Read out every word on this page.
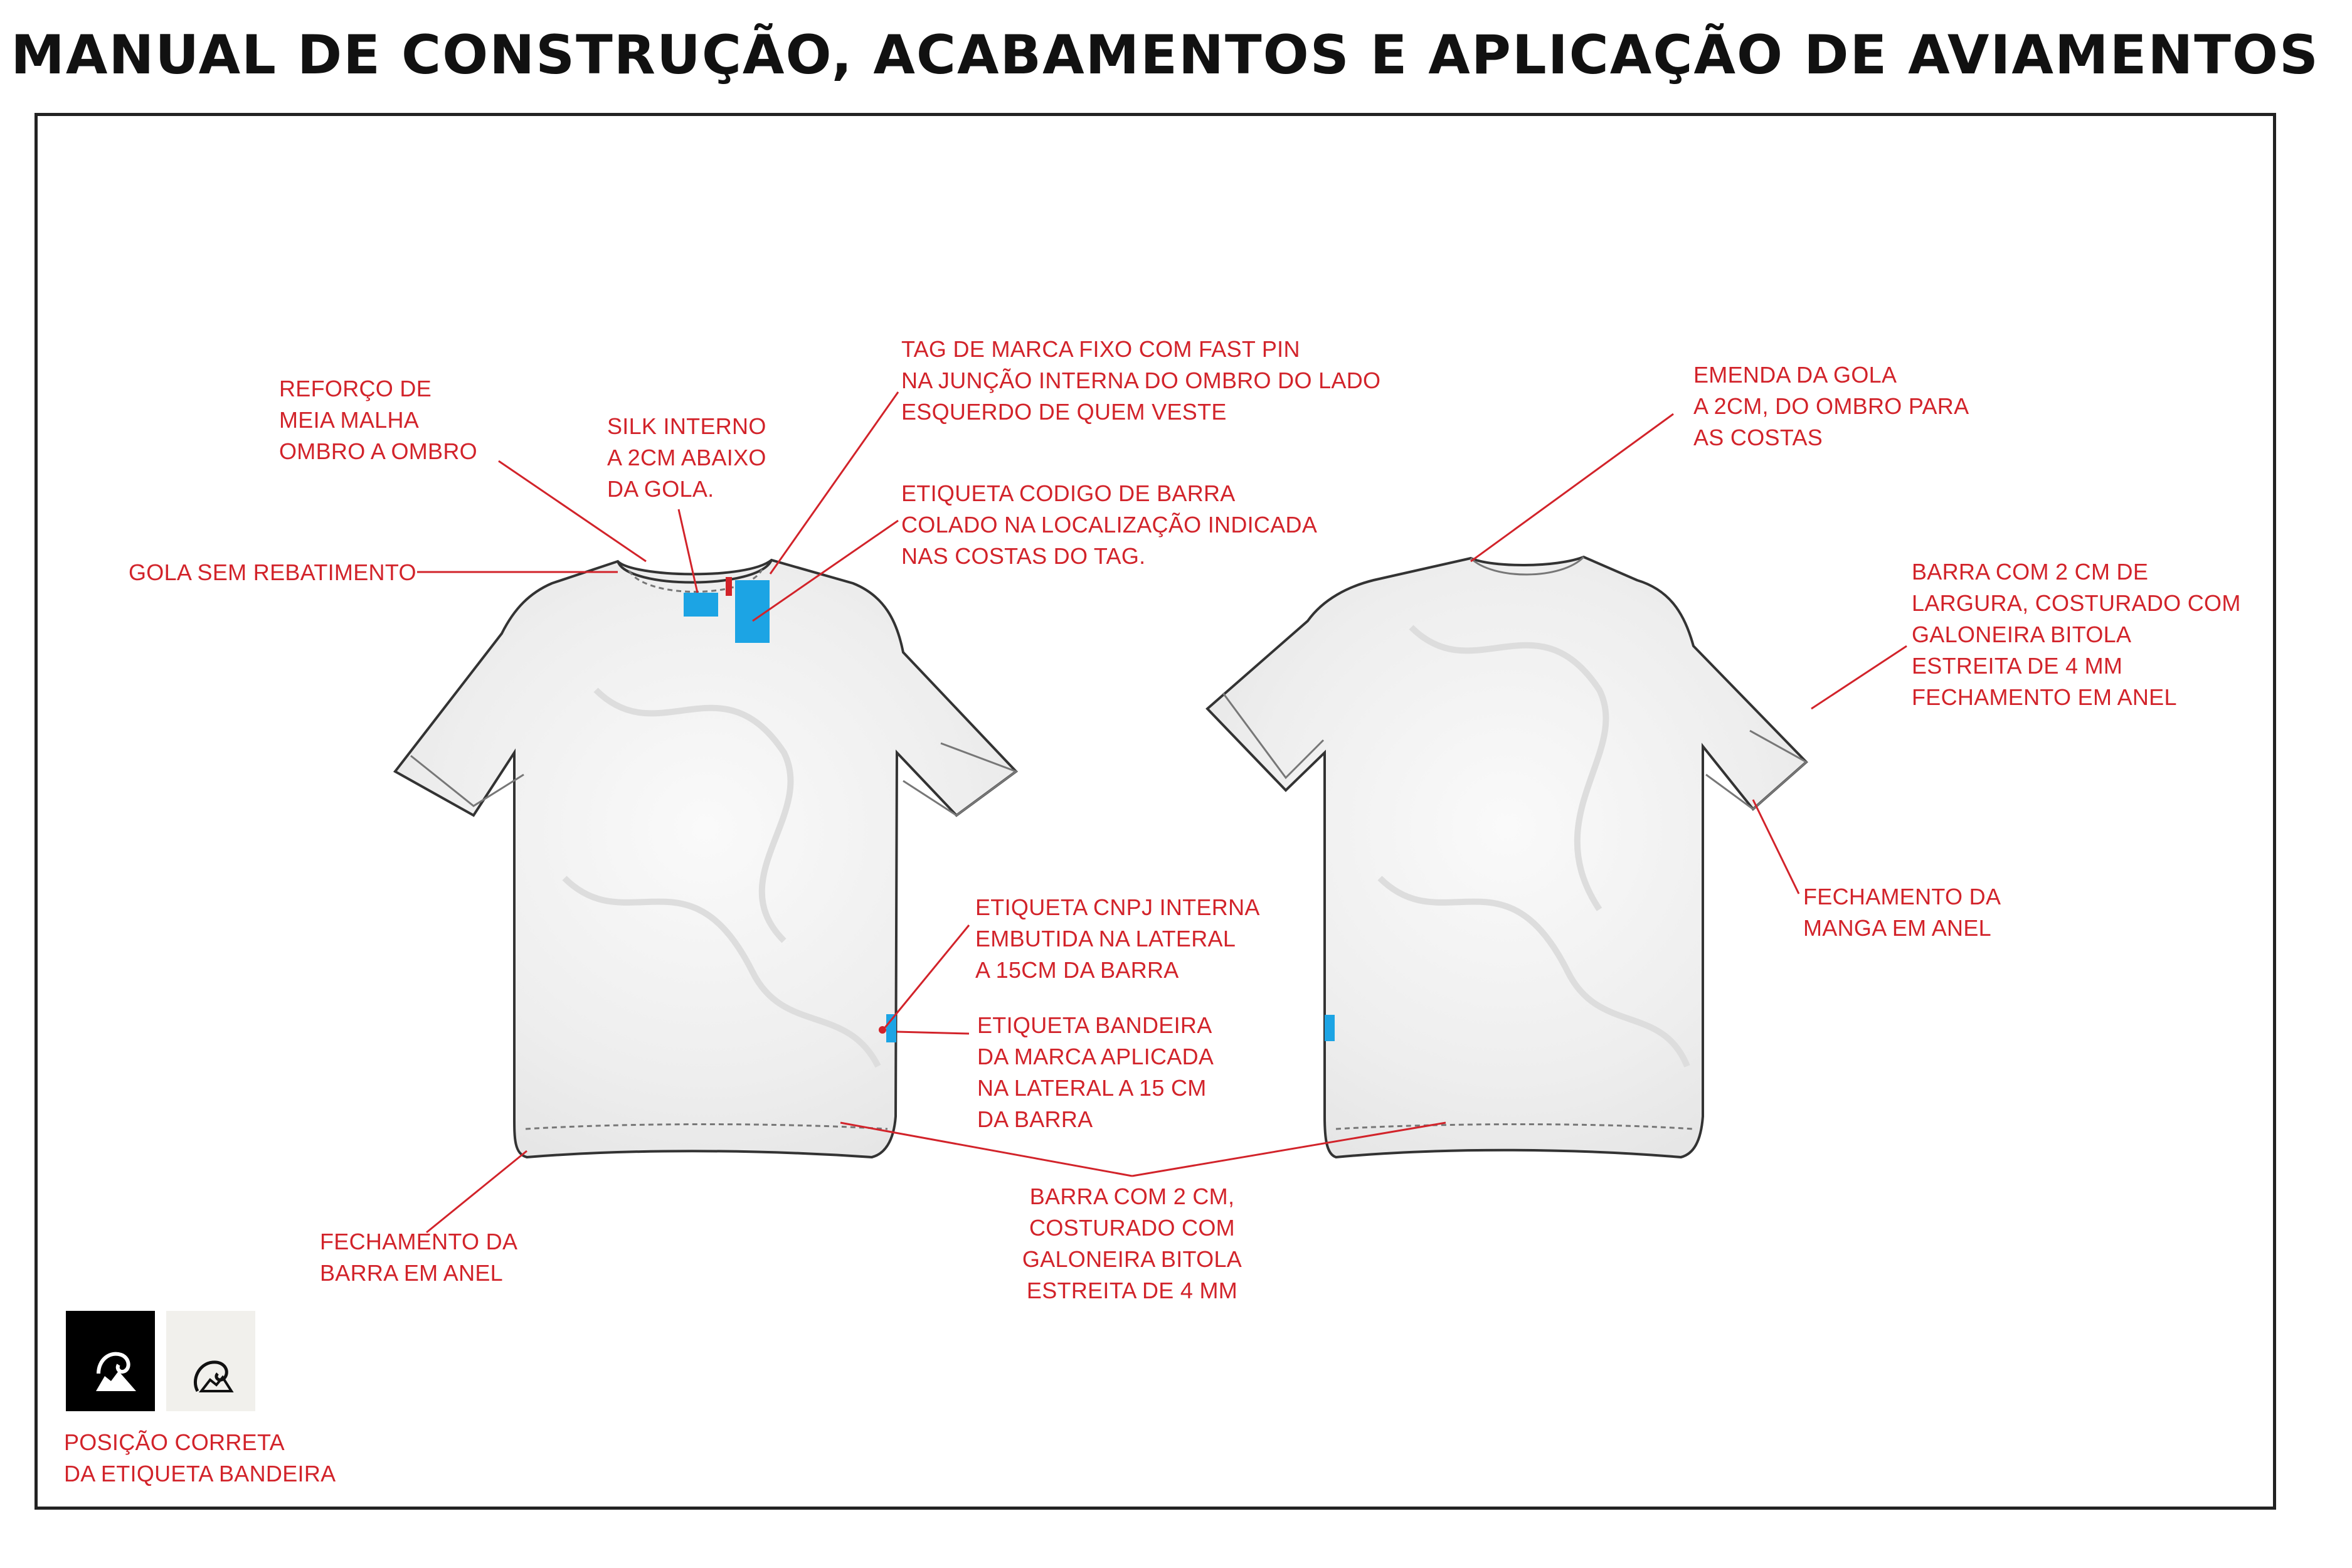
MANUAL DE CONSTRUÇÃO, ACABAMENTOS E APLICAÇÃO DE AVIAMENTOS
REFORÇO DE
MEIA MALHA
OMBRO A OMBRO
GOLA SEM REBATIMENTO
SILK INTERNO
A 2CM ABAIXO
DA GOLA.
TAG DE MARCA FIXO COM FAST PIN
NA JUNÇÃO INTERNA DO OMBRO DO LADO
ESQUERDO DE QUEM VESTE
ETIQUETA CODIGO DE BARRA
COLADO NA LOCALIZAÇÃO INDICADA
NAS COSTAS DO TAG.
ETIQUETA CNPJ INTERNA
EMBUTIDA NA LATERAL
A 15CM DA BARRA
ETIQUETA BANDEIRA
DA MARCA APLICADA
NA LATERAL A 15 CM
DA BARRA
BARRA COM 2 CM,
COSTURADO COM
GALONEIRA BITOLA
ESTREITA DE 4 MM
FECHAMENTO DA
BARRA EM ANEL
EMENDA DA GOLA
A 2CM, DO OMBRO PARA
AS COSTAS
BARRA COM 2 CM DE
LARGURA, COSTURADO COM
GALONEIRA BITOLA
ESTREITA DE 4 MM
FECHAMENTO EM ANEL
FECHAMENTO DA
MANGA EM ANEL
POSIÇÃO CORRETA
DA ETIQUETA BANDEIRA
